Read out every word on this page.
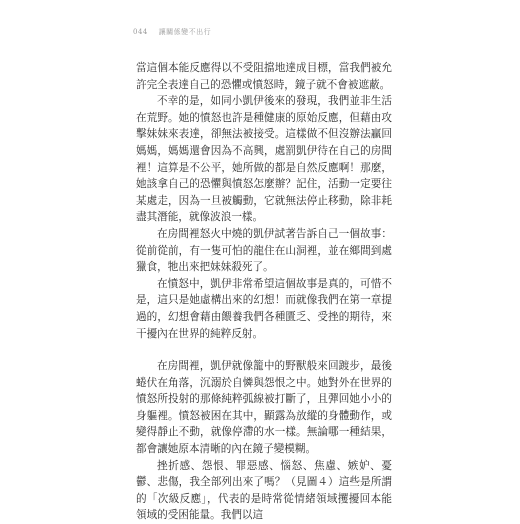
044 讓關係變不出行

當這個本能反應得以不受阻擋地達成目標，當我們被允許完全表達自己的恐懼或憤怒時，鏡子就不會被遮蔽。

不幸的是，如同小凱伊後來的發現，我們並非生活在荒野。她的憤怒也許是種健康的原始反應，但藉由攻擊妹妹來表達，卻無法被接受。這樣做不但沒辦法贏回媽媽，媽媽還會因為不高興，處罰凱伊待在自己的房間裡！這算是不公平，她所做的都是自然反應啊！那麼，她該拿自己的恐懼與憤怒怎麼辦？記住，活動一定要往某處走，因為一旦被觸動，它就無法停止移動，除非耗盡其潛能，就像波浪一樣。

在房間裡怒火中燒的凱伊試著告訴自己一個故事：從前從前，有一隻可怕的龍住在山洞裡，並在鄉間到處獵食，牠出來把妹妹殺死了。

在憤怒中，凱伊非常希望這個故事是真的，可惜不是，這只是她虛構出來的幻想！而就像我們在第一章提過的，幻想會藉由餵養我們各種匱乏、受挫的期待，來干擾內在世界的純粹反射。

在房間裡，凱伊就像籠中的野獸般來回踱步，最後蜷伏在角落，沉溺於自憐與怨恨之中。她對外在世界的憤怒所投射的那條純粹弧線被打斷了，且彈回她小小的身軀裡。憤怒被困在其中，顯露為放縱的身體動作，或變得靜止不動，就像停滯的水一樣。無論哪一種結果，都會讓她原本清晰的內在鏡子變模糊。

挫折感、怨恨、罪惡感、惱怒、焦慮、嫉妒、憂鬱、悲傷，我全部列出來了嗎？（見圖４）這些是所謂的「次級反應」，代表的是時常從情緒領域攫擾回本能領域的受困能量。我們以這
